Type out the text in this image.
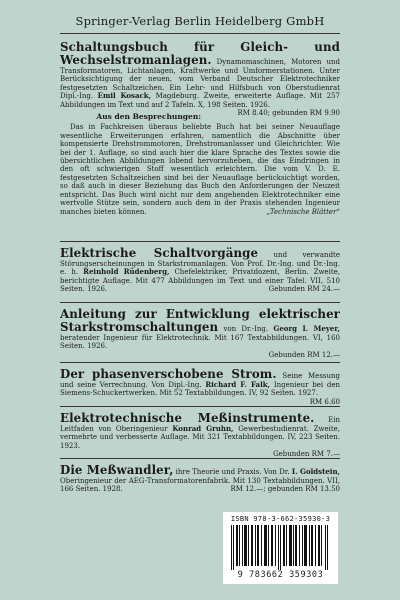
Springer-Verlag Berlin Heidelberg GmbH

Schaltungsbuch für Gleich- und Wechselstromanlagen. Dynamomaschinen, Motoren und Transformatoren, Lichtanlagen, Kraftwerke und Umformerstationen. Unter Berücksichtigung der neuen, vom Verband Deutscher Elektrotechniker festgesetzten Schaltzeichen. Ein Lehr- und Hilfsbuch von Oberstudienrat Dipl.-Ing. Emil Kosack, Magdeburg. Zweite, erweiterte Auflage. Mit 257 Abbildungen im Text und auf 2 Tafeln. X, 198 Seiten. 1926.
RM 8.40; gebunden RM 9.90

Aus den Besprechungen:

Das in Fachkreisen überaus beliebte Buch hat bei seiner Neuauflage wesentliche Erweiterungen erfahren, namentlich die Abschnitte über kompensierte Drehstrommotoren, Drehstromanlasser und Gleichrichter. Wie bei der 1. Auflage, so sind auch hier die klare Sprache des Textes sowie die übersichtlichen Abbildungen lobend hervorzuheben, die das Eindringen in den oft schwierigen Stoff wesentlich erleichtern. Die vom V. D. E. festgesetzten Schaltzeichen sind bei der Neuauflage berücksichtigt worden, so daß auch in dieser Beziehung das Buch den Anforderungen der Neuzeit entspricht. Das Buch wird nicht nur dem angehenden Elektrotechniker eine wertvolle Stütze sein, sondern auch dem in der Praxis stehenden Ingenieur manches bieten können.	„Technische Blätter“

Elektrische Schaltvorgänge und verwandte Störungserscheinungen in Starkstromanlagen. Von Prof. Dr.-Ing. und Dr.-Ing. e. h. Reinhold Rüdenberg, Chefelektriker, Privatdozent, Berlin. Zweite, berichtigte Auflage. Mit 477 Abbildungen im Text und einer Tafel. VII, 510 Seiten. 1926.	Gebunden RM 24.—

Anleitung zur Entwicklung elektrischer Starkstromschaltungen von Dr.-Ing. Georg I. Meyer, beratender Ingenieur für Elektrotechnik. Mit 167 Textabbildungen. VI, 160 Seiten. 1926.
Gebunden RM 12.—

Der phasenverschobene Strom. Seine Messung und seine Verrechnung. Von Dipl.-Ing. Richard F. Falk, Ingenieur bei den Siemens-Schuckertwerken. Mit 52 Textabbildungen. IV, 92 Seiten. 1927.
RM 6.60

Elektrotechnische Meßinstrumente. Ein Leitfaden von Oberingenieur Konrad Gruhn, Gewerbestudienrat. Zweite, vermehrte und verbesserte Auflage. Mit 321 Textabbildungen. IV, 223 Seiten. 1923.
Gebunden RM 7.—

Die Meßwandler, ihre Theorie und Praxis. Von Dr. I. Goldstein, Oberingenieur der AEG-Transformatorenfabrik. Mit 130 Textabbildungen. VII, 166 Seiten. 1928.	RM 12.—; gebunden RM 13.50

ISBN 978-3-662-35930-3
9 783662 359303
